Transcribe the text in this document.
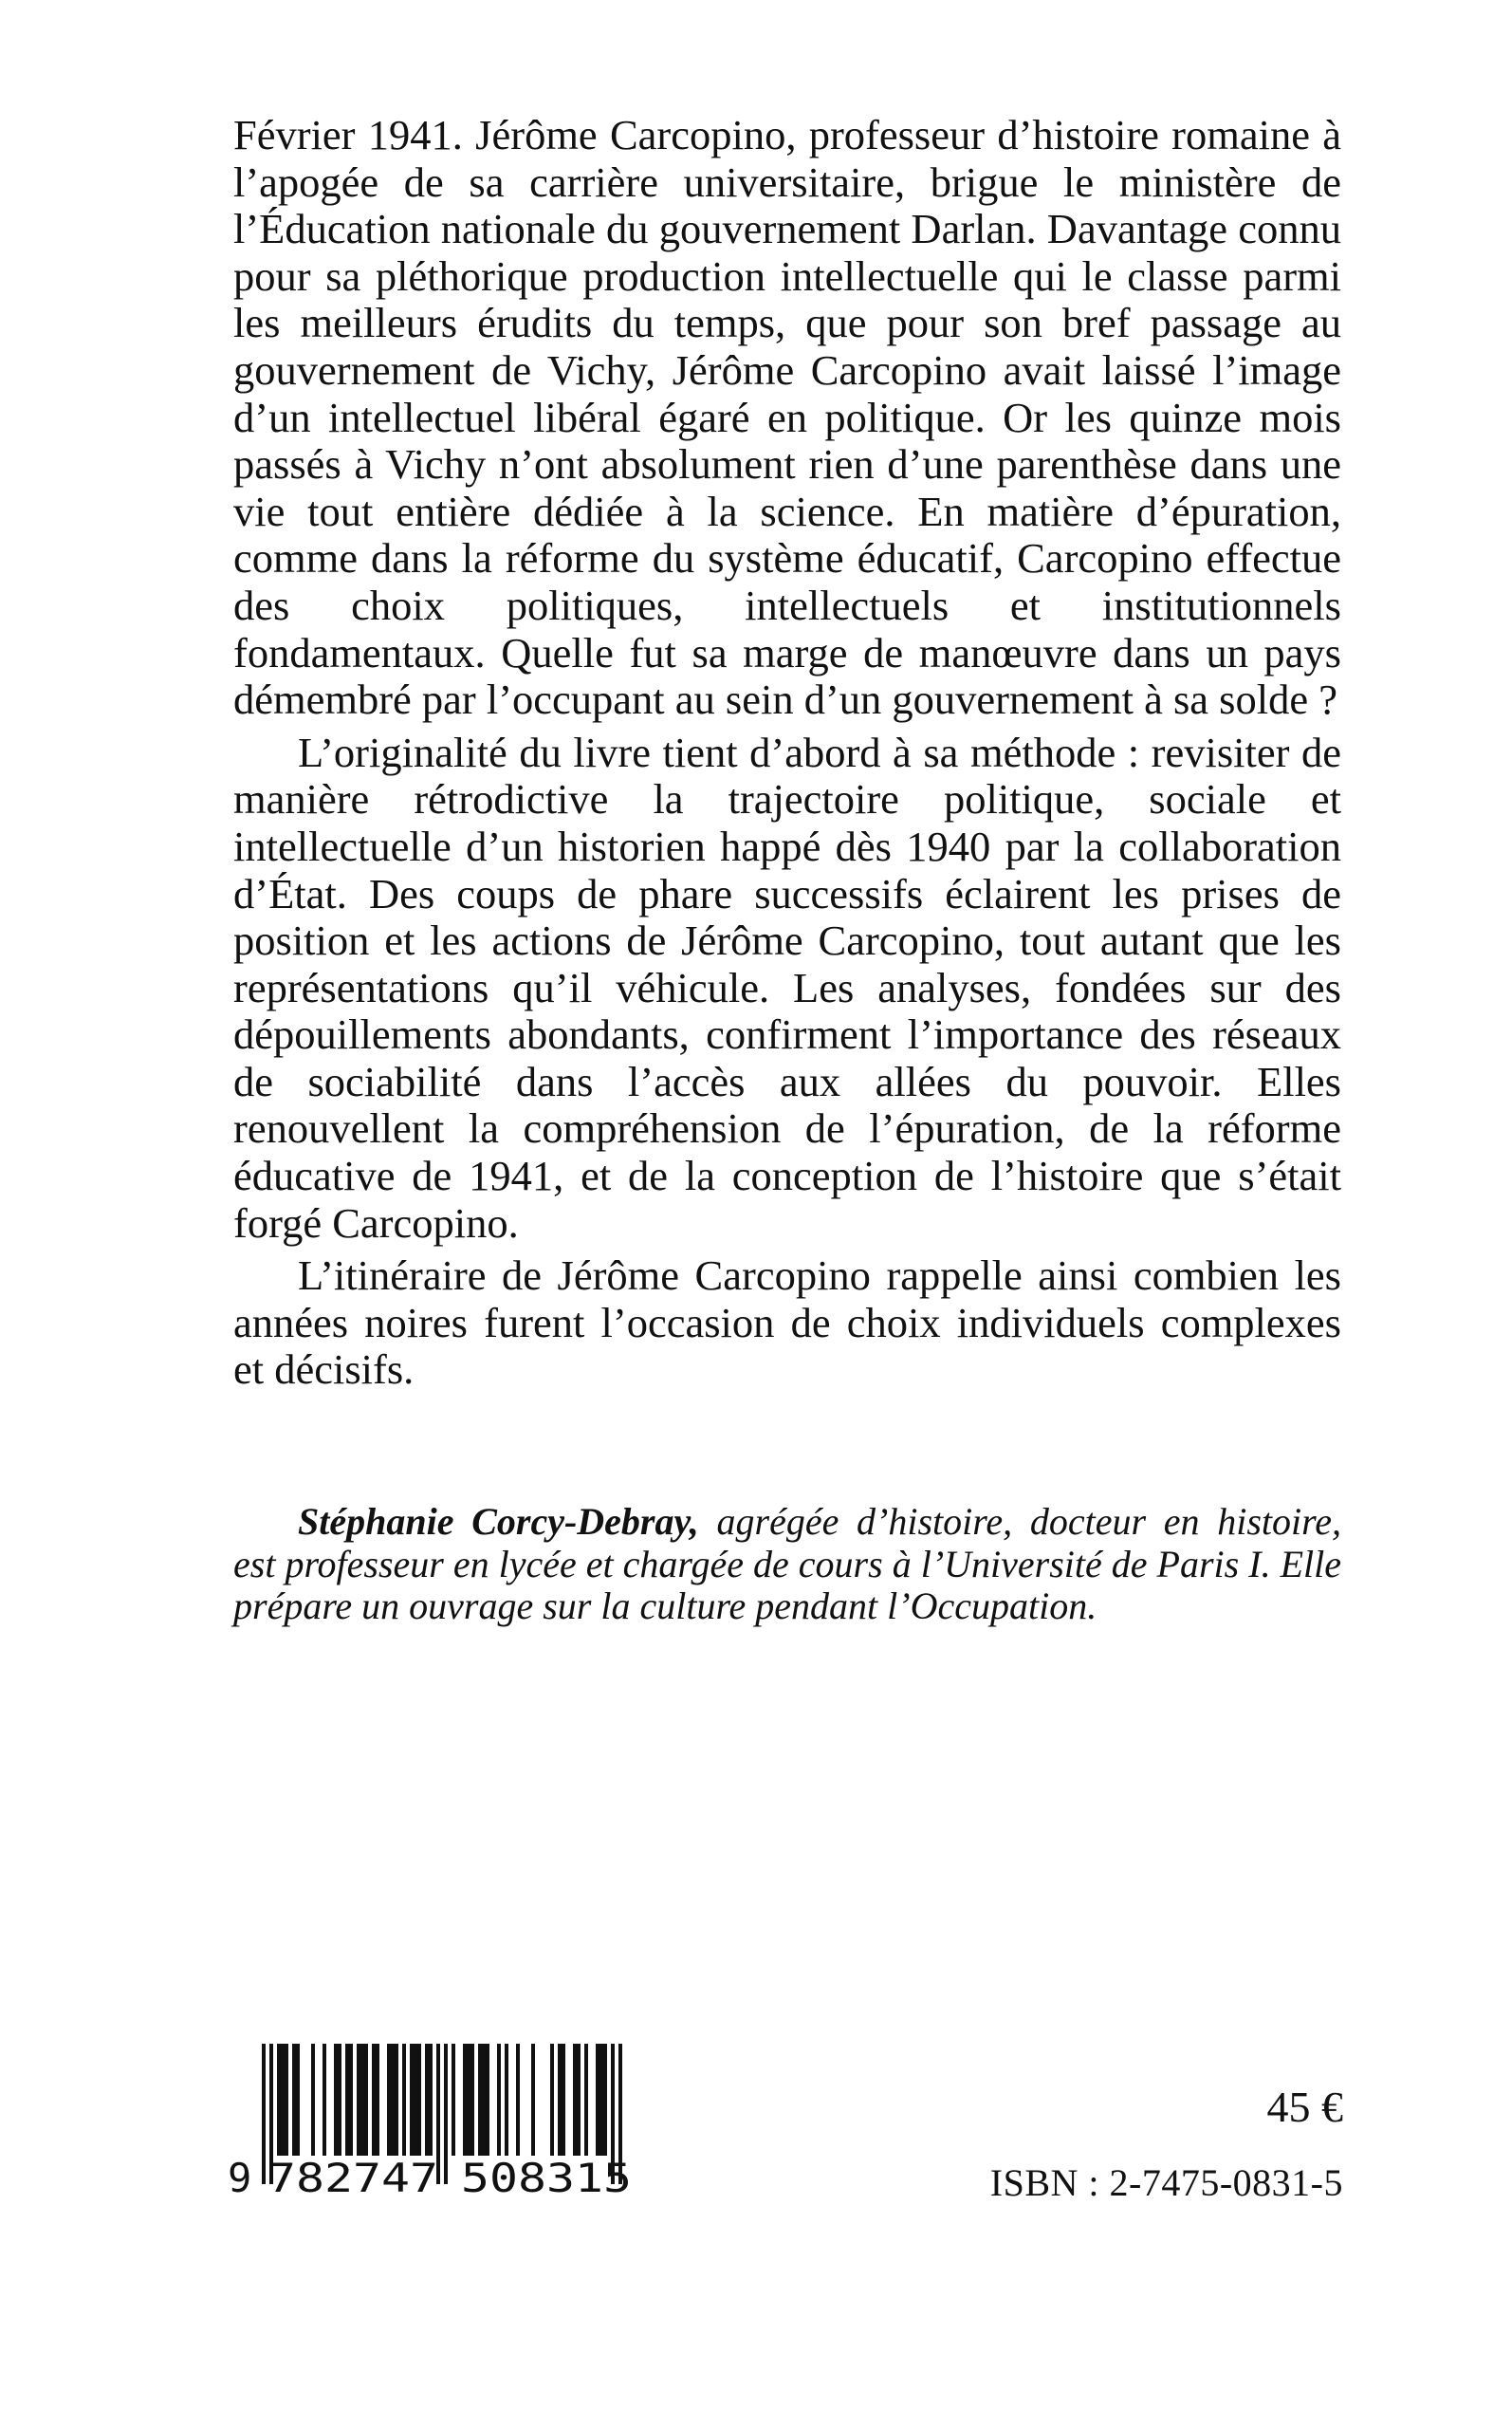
Février 1941. Jérôme Carcopino, professeur d’histoire romaine à l’apogée de sa carrière universitaire, brigue le ministère de l’Éducation nationale du gouvernement Darlan. Davantage connu pour sa pléthorique production intellectuelle qui le classe parmi les meilleurs érudits du temps, que pour son bref passage au gouvernement de Vichy, Jérôme Carcopino avait laissé l’image d’un intellectuel libéral égaré en politique. Or les quinze mois passés à Vichy n’ont absolument rien d’une parenthèse dans une vie tout entière dédiée à la science. En matière d’épuration, comme dans la réforme du système éducatif, Carcopino effectue des choix politiques, intellectuels et institutionnels fondamentaux. Quelle fut sa marge de manœuvre dans un pays démembré par l’occupant au sein d’un gouvernement à sa solde ?

L’originalité du livre tient d’abord à sa méthode : revisiter de manière rétrodictive la trajectoire politique, sociale et intellectuelle d’un historien happé dès 1940 par la collaboration d’État. Des coups de phare successifs éclairent les prises de position et les actions de Jérôme Carcopino, tout autant que les représentations qu’il véhicule. Les analyses, fondées sur des dépouillements abondants, confirment l’importance des réseaux de sociabilité dans l’accès aux allées du pouvoir. Elles renouvellent la compréhension de l’épuration, de la réforme éducative de 1941, et de la conception de l’histoire que s’était forgé Carcopino.

L’itinéraire de Jérôme Carcopino rappelle ainsi combien les années noires furent l’occasion de choix individuels complexes et décisifs.

Stéphanie Corcy-Debray, agrégée d’histoire, docteur en histoire, est professeur en lycée et chargée de cours à l’Université de Paris I. Elle prépare un ouvrage sur la culture pendant l’Occupation.

9 782747 508315

45 €

ISBN : 2-7475-0831-5
